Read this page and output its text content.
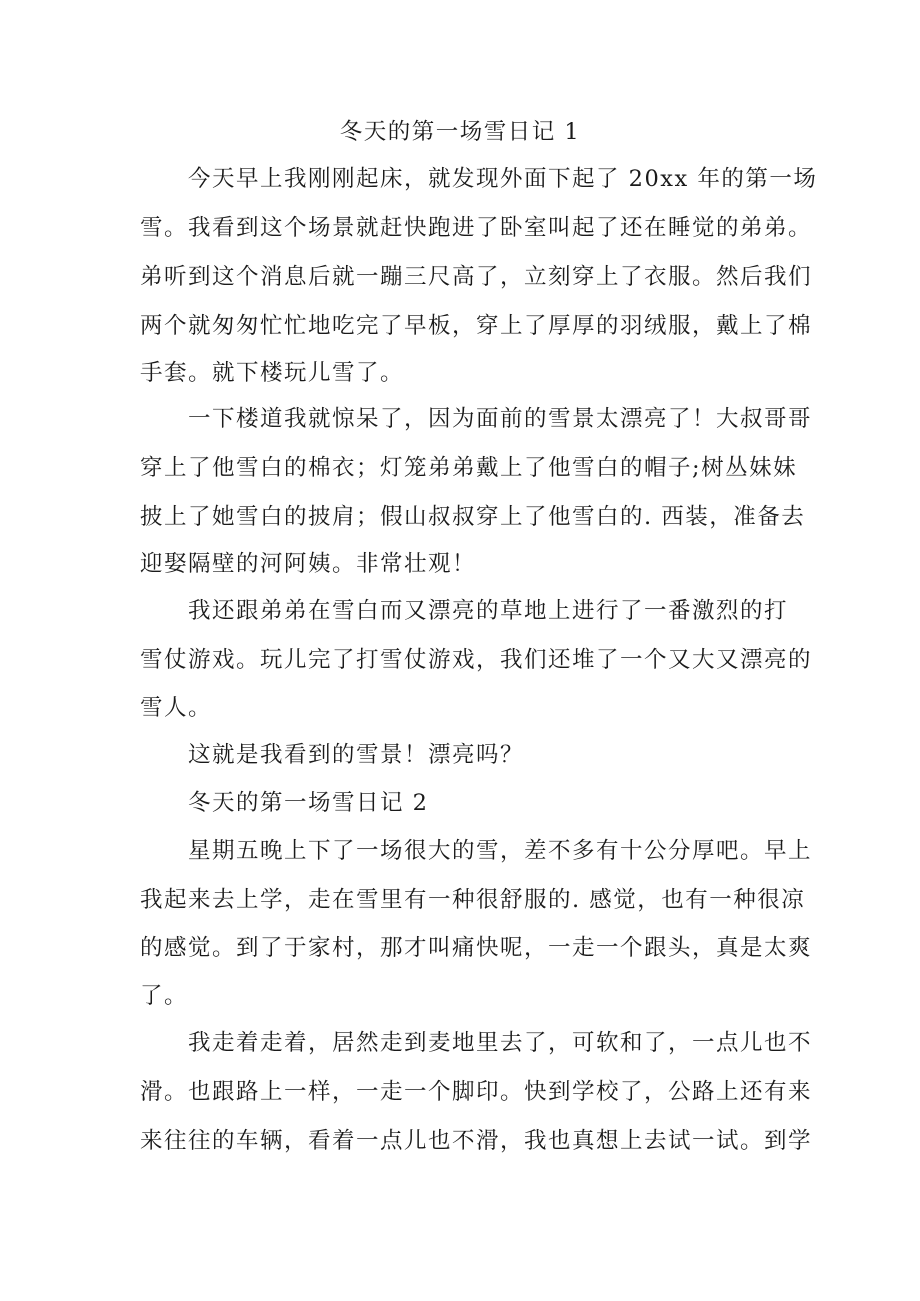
冬天的第一场雪日记 1
今天早上我刚刚起床，就发现外面下起了 20xx 年的第一场
雪。我看到这个场景就赶快跑进了卧室叫起了还在睡觉的弟弟。
弟听到这个消息后就一蹦三尺高了，立刻穿上了衣服。然后我们
两个就匆匆忙忙地吃完了早板，穿上了厚厚的羽绒服，戴上了棉
手套。就下楼玩儿雪了。
一下楼道我就惊呆了，因为面前的雪景太漂亮了！大叔哥哥
穿上了他雪白的棉衣；灯笼弟弟戴上了他雪白的帽子;树丛妹妹
披上了她雪白的披肩；假山叔叔穿上了他雪白的. 西装，准备去
迎娶隔壁的河阿姨。非常壮观！
我还跟弟弟在雪白而又漂亮的草地上进行了一番激烈的打
雪仗游戏。玩儿完了打雪仗游戏，我们还堆了一个又大又漂亮的
雪人。
这就是我看到的雪景！漂亮吗？
冬天的第一场雪日记 2
星期五晚上下了一场很大的雪，差不多有十公分厚吧。早上
我起来去上学，走在雪里有一种很舒服的. 感觉，也有一种很凉
的感觉。到了于家村，那才叫痛快呢，一走一个跟头，真是太爽
了。
我走着走着，居然走到麦地里去了，可软和了，一点儿也不
滑。也跟路上一样，一走一个脚印。快到学校了，公路上还有来
来往往的车辆，看着一点儿也不滑，我也真想上去试一试。到学
